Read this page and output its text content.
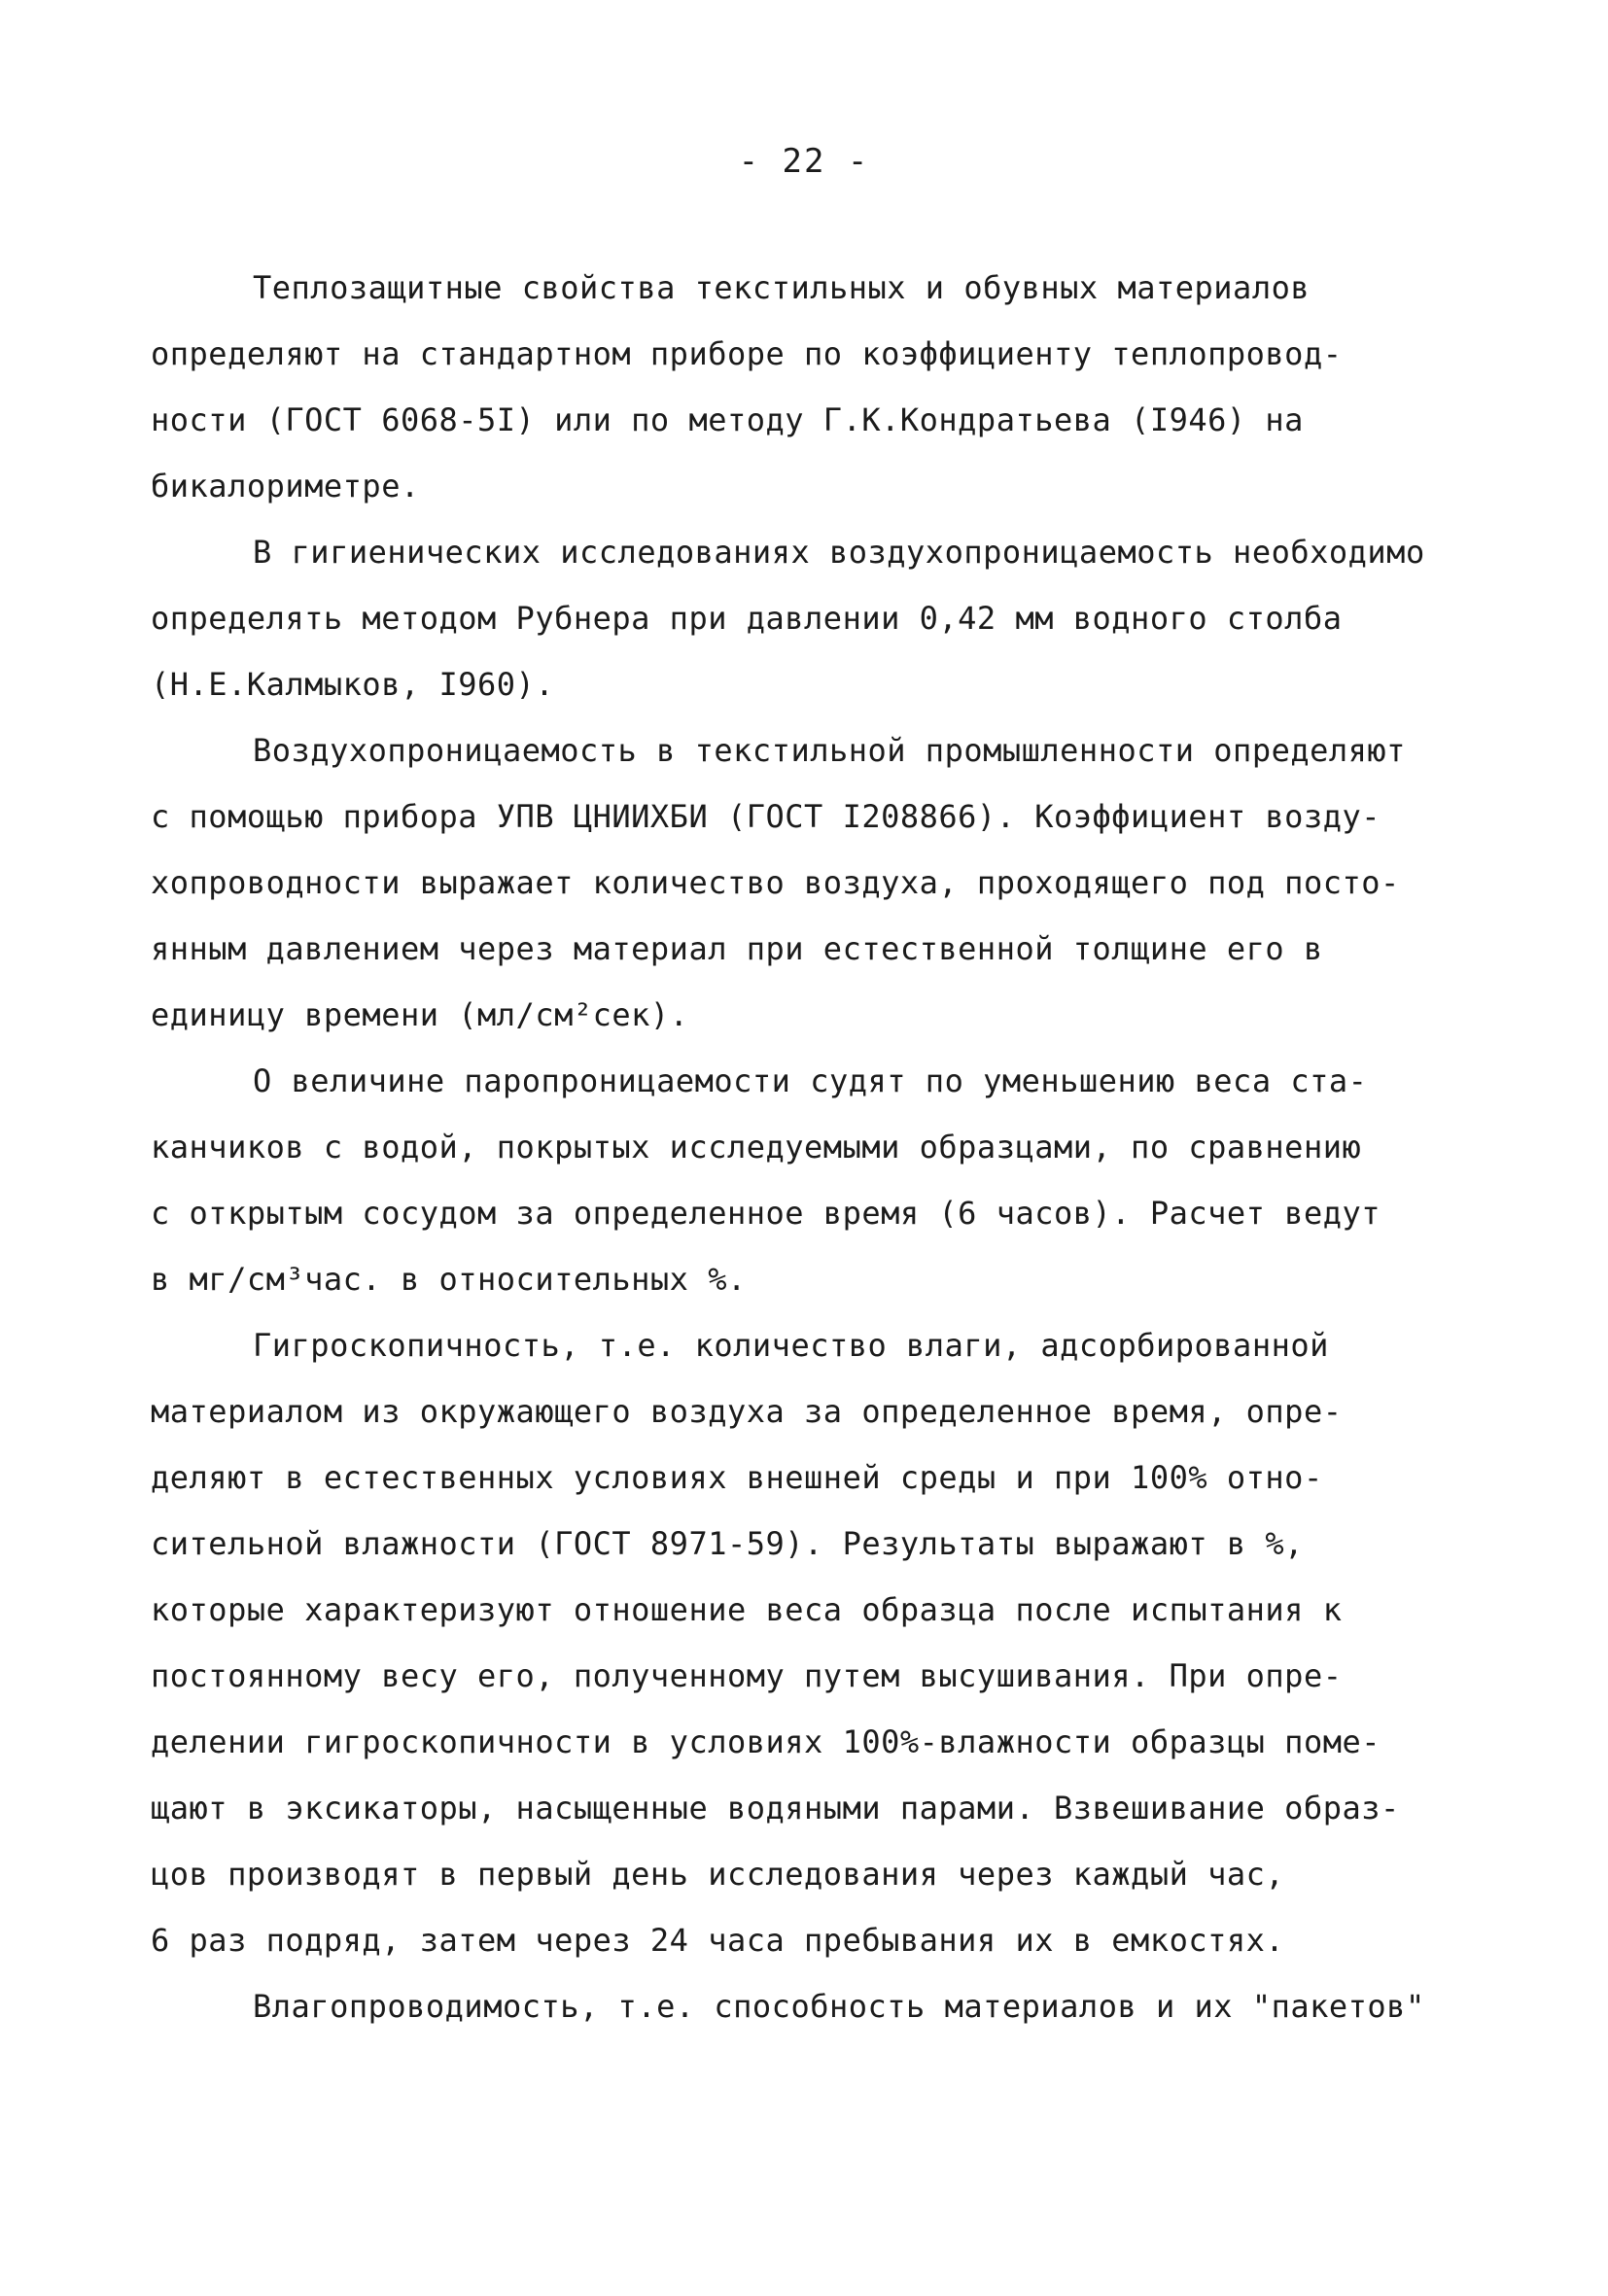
- 22 -
Теплозащитные свойства текстильных и обувных материалов
определяют на стандартном приборе по коэффициенту теплопровод-
ности (ГОСТ 6068-5I) или по методу Г.К.Кондратьева (I946) на
бикалориметре.
В гигиенических исследованиях воздухопроницаемость необходимо
определять методом Рубнера при давлении 0,42 мм водного столба
(Н.Е.Калмыков, I960).
Воздухопроницаемость в текстильной промышленности определяют
с помощью прибора УПВ ЦНИИХБИ (ГОСТ I208866). Коэффициент возду-
хопроводности выражает количество воздуха, проходящего под посто-
янным давлением через материал при естественной толщине его в
единицу времени (мл/см²сек).
О величине паропроницаемости судят по уменьшению веса ста-
канчиков с водой, покрытых исследуемыми образцами, по сравнению
с открытым сосудом за определенное время (6 часов). Расчет ведут
в мг/см³час. в относительных %.
Гигроскопичность, т.е. количество влаги, адсорбированной
материалом из окружающего воздуха за определенное время, опре-
деляют в естественных условиях внешней среды и при 100% отно-
сительной влажности (ГОСТ 8971-59). Результаты выражают в %,
которые характеризуют отношение веса образца после испытания к
постоянному весу его, полученному путем высушивания. При опре-
делении гигроскопичности в условиях 100%-влажности образцы поме-
щают в эксикаторы, насыщенные водяными парами. Взвешивание образ-
цов производят в первый день исследования через каждый час,
6 раз подряд, затем через 24 часа пребывания их в емкостях.
Влагопроводимость, т.е. способность материалов и их "пакетов"
